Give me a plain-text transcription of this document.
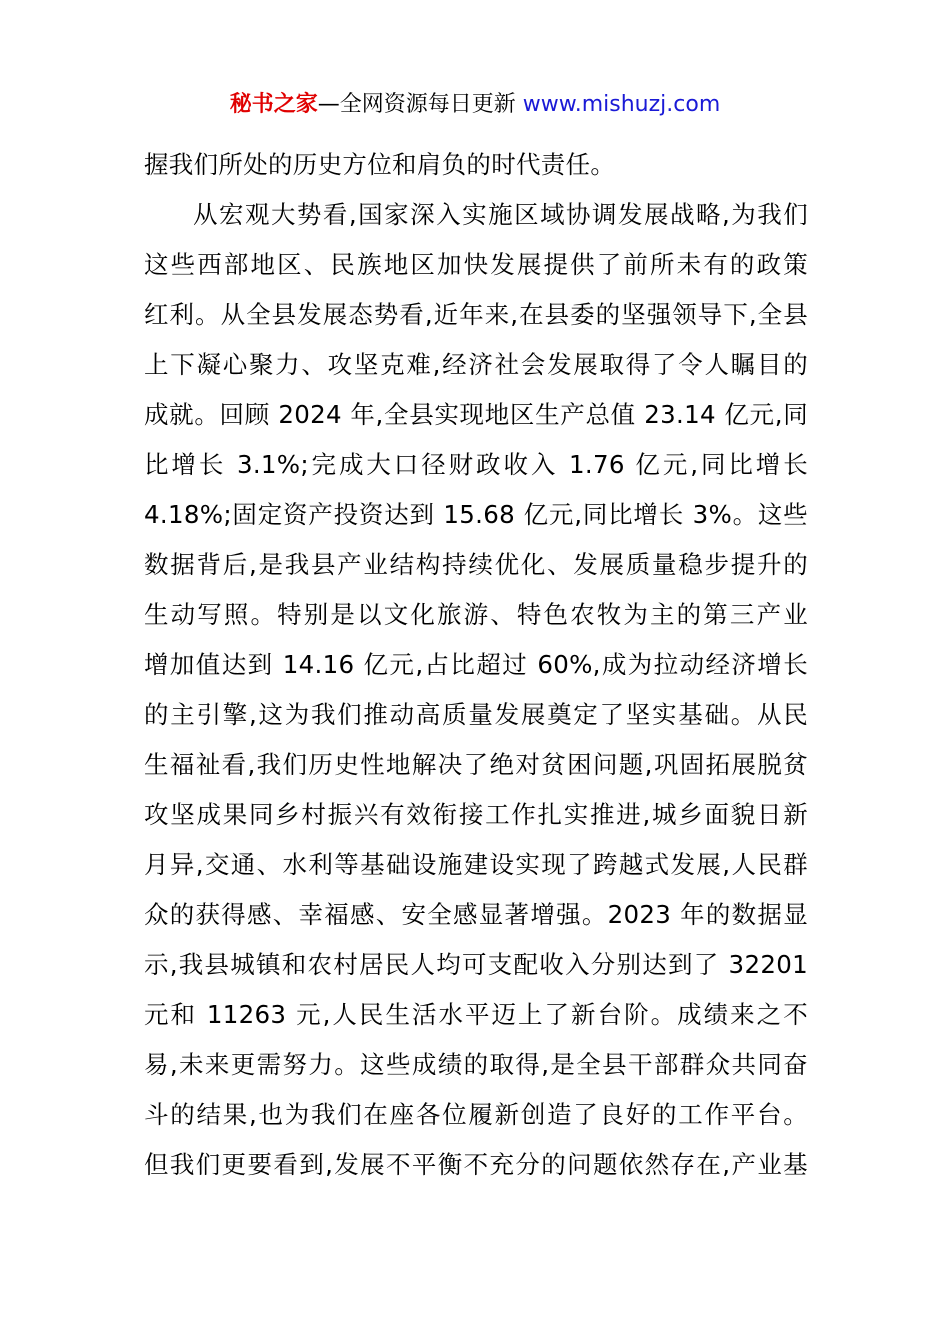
秘书之家—全网资源每日更新 www.mishuzj.com
握我们所处的历史方位和肩负的时代责任。
从宏观大势看,国家深入实施区域协调发展战略,为我们
这些西部地区、民族地区加快发展提供了前所未有的政策
红利。从全县发展态势看,近年来,在县委的坚强领导下,全县
上下凝心聚力、攻坚克难,经济社会发展取得了令人瞩目的
成就。回顾 2024 年,全县实现地区生产总值 23.14 亿元,同
比增长 3.1%;完成大口径财政收入 1.76 亿元,同比增长
4.18%;固定资产投资达到 15.68 亿元,同比增长 3%。这些
数据背后,是我县产业结构持续优化、发展质量稳步提升的
生动写照。特别是以文化旅游、特色农牧为主的第三产业
增加值达到 14.16 亿元,占比超过 60%,成为拉动经济增长
的主引擎,这为我们推动高质量发展奠定了坚实基础。从民
生福祉看,我们历史性地解决了绝对贫困问题,巩固拓展脱贫
攻坚成果同乡村振兴有效衔接工作扎实推进,城乡面貌日新
月异,交通、水利等基础设施建设实现了跨越式发展,人民群
众的获得感、幸福感、安全感显著增强。2023 年的数据显
示,我县城镇和农村居民人均可支配收入分别达到了 32201
元和 11263 元,人民生活水平迈上了新台阶。成绩来之不
易,未来更需努力。这些成绩的取得,是全县干部群众共同奋
斗的结果,也为我们在座各位履新创造了良好的工作平台。
但我们更要看到,发展不平衡不充分的问题依然存在,产业基
